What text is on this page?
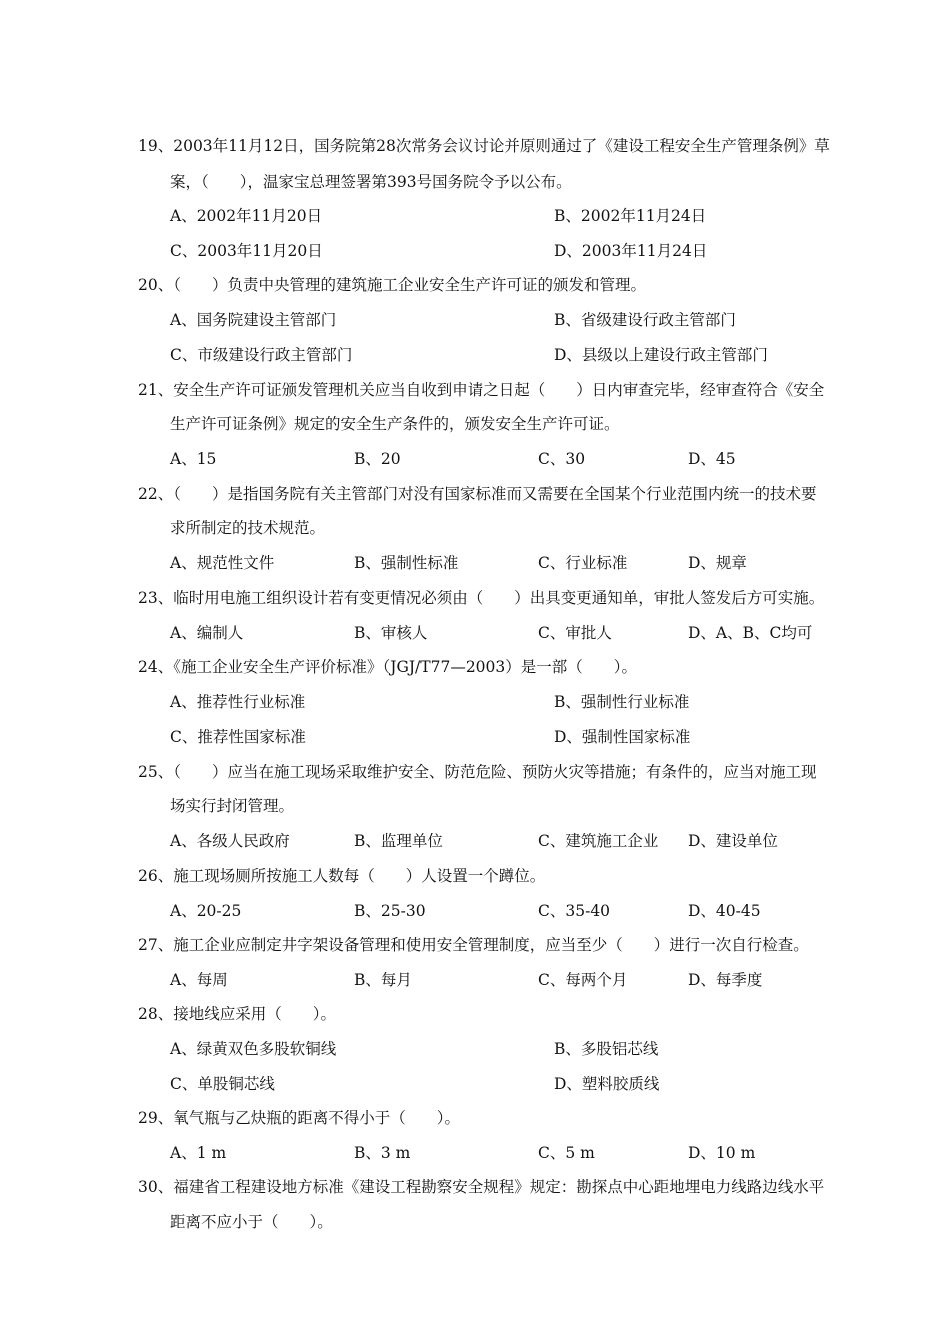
19、2003年11月12日，国务院第28次常务会议讨论并原则通过了《建设工程安全生产管理条例》草
案，（　　），温家宝总理签署第393号国务院令予以公布。
A、2002年11月20日	B、2002年11月24日
C、2003年11月20日	D、2003年11月24日
20、（　　）负责中央管理的建筑施工企业安全生产许可证的颁发和管理。
A、国务院建设主管部门	B、省级建设行政主管部门
C、市级建设行政主管部门	D、县级以上建设行政主管部门
21、安全生产许可证颁发管理机关应当自收到申请之日起（　　）日内审查完毕，经审查符合《安全
生产许可证条例》规定的安全生产条件的，颁发安全生产许可证。
A、15	B、20	C、30	D、45
22、（　　）是指国务院有关主管部门对没有国家标准而又需要在全国某个行业范围内统一的技术要
求所制定的技术规范。
A、规范性文件	B、强制性标准	C、行业标准	D、规章
23、临时用电施工组织设计若有变更情况必须由（　　）出具变更通知单，审批人签发后方可实施。
A、编制人	B、审核人	C、审批人	D、A、B、C均可
24、《施工企业安全生产评价标准》（JGJ/T77—2003）是一部（　　）。
A、推荐性行业标准	B、强制性行业标准
C、推荐性国家标准	D、强制性国家标准
25、（　　）应当在施工现场采取维护安全、防范危险、预防火灾等措施；有条件的，应当对施工现
场实行封闭管理。
A、各级人民政府	B、监理单位	C、建筑施工企业 D、建设单位
26、施工现场厕所按施工人数每（　　）人设置一个蹲位。
A、20-25	B、25-30	C、35-40	D、40-45
27、施工企业应制定井字架设备管理和使用安全管理制度，应当至少（　　）进行一次自行检查。
A、每周	B、每月	C、每两个月	D、每季度
28、接地线应采用（　　）。
A、绿黄双色多股软铜线	B、多股铝芯线
C、单股铜芯线	D、塑料胶质线
29、氧气瓶与乙炔瓶的距离不得小于（　　）。
A、1 m	B、3 m	C、5 m	D、10 m
30、福建省工程建设地方标准《建设工程勘察安全规程》规定：勘探点中心距地埋电力线路边线水平
距离不应小于（　　）。
